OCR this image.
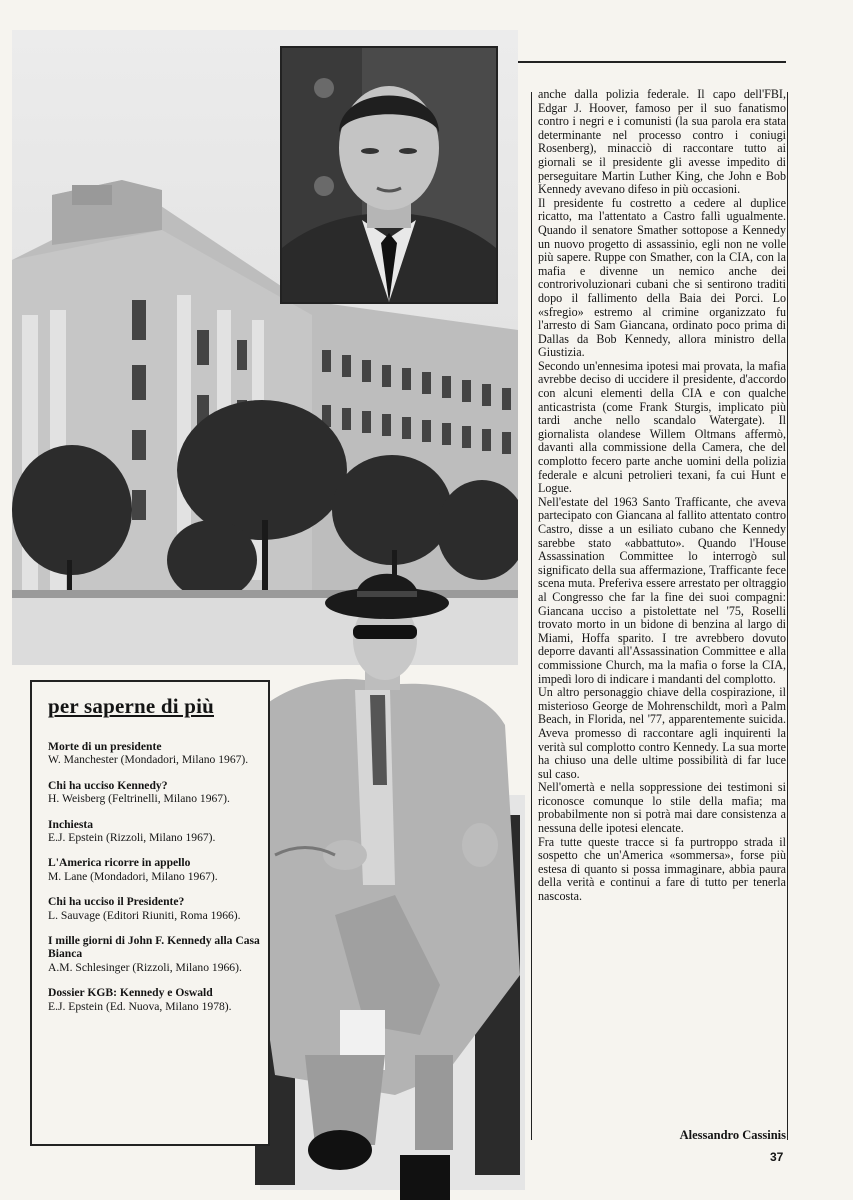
anche dalla polizia federale. Il capo dell'FBI, Edgar J. Hoover, famoso per il suo fanatismo contro i negri e i comunisti (la sua parola era stata determinante nel processo contro i coniugi Rosenberg), minacciò di raccontare tutto ai giornali se il presidente gli avesse impedito di perseguitare Martin Luther King, che John e Bob Kennedy avevano difeso in più occasioni.

Il presidente fu costretto a cedere al duplice ricatto, ma l'attentato a Castro fallì ugualmente. Quando il senatore Smather sottopose a Kennedy un nuovo progetto di assassinio, egli non ne volle più sapere. Ruppe con Smather, con la CIA, con la mafia e divenne un nemico anche dei controrivoluzionari cubani che si sentirono traditi dopo il fallimento della Baia dei Porci. Lo «sfregio» estremo al crimine organizzato fu l'arresto di Sam Giancana, ordinato poco prima di Dallas da Bob Kennedy, allora ministro della Giustizia.

Secondo un'ennesima ipotesi mai provata, la mafia avrebbe deciso di uccidere il presidente, d'accordo con alcuni elementi della CIA e con qualche anticastrista (come Frank Sturgis, implicato più tardi anche nello scandalo Watergate). Il giornalista olandese Willem Oltmans affermò, davanti alla commissione della Camera, che del complotto fecero parte anche uomini della polizia federale e alcuni petrolieri texani, fa cui Hunt e Logue.

Nell'estate del 1963 Santo Trafficante, che aveva partecipato con Giancana al fallito attentato contro Castro, disse a un esiliato cubano che Kennedy sarebbe stato «abbattuto». Quando l'House Assassination Committee lo interrogò sul significato della sua affermazione, Trafficante fece scena muta. Preferiva essere arrestato per oltraggio al Congresso che far la fine dei suoi compagni: Giancana ucciso a pistolettate nel '75, Roselli trovato morto in un bidone di benzina al largo di Miami, Hoffa sparito. I tre avrebbero dovuto deporre davanti all'Assassination Committee e alla commissione Church, ma la mafia o forse la CIA, impedì loro di indicare i mandanti del complotto.

Un altro personaggio chiave della cospirazione, il misterioso George de Mohrenschildt, morì a Palm Beach, in Florida, nel '77, apparentemente suicida. Aveva promesso di raccontare agli inquirenti la verità sul complotto contro Kennedy. La sua morte ha chiuso una delle ultime possibilità di far luce sul caso.

Nell'omertà e nella soppressione dei testimoni si riconosce comunque lo stile della mafia; ma probabilmente non si potrà mai dare consistenza a nessuna delle ipotesi elencate.

Fra tutte queste tracce si fa purtroppo strada il sospetto che un'America «sommersa», forse più estesa di quanto si possa immaginare, abbia paura della verità e continui a fare di tutto per tenerla nascosta.

Alessandro Cassinis
per saperne di più
Morte di un presidente
W. Manchester (Mondadori, Milano 1967).
Chi ha ucciso Kennedy?
H. Weisberg (Feltrinelli, Milano 1967).
Inchiesta
E.J. Epstein (Rizzoli, Milano 1967).
L'America ricorre in appello
M. Lane (Mondadori, Milano 1967).
Chi ha ucciso il Presidente?
L. Sauvage (Editori Riuniti, Roma 1966).
I mille giorni di John F. Kennedy alla Casa Bianca
A.M. Schlesinger (Rizzoli, Milano 1966).
Dossier KGB: Kennedy e Oswald
E.J. Epstein (Ed. Nuova, Milano 1978).
37
